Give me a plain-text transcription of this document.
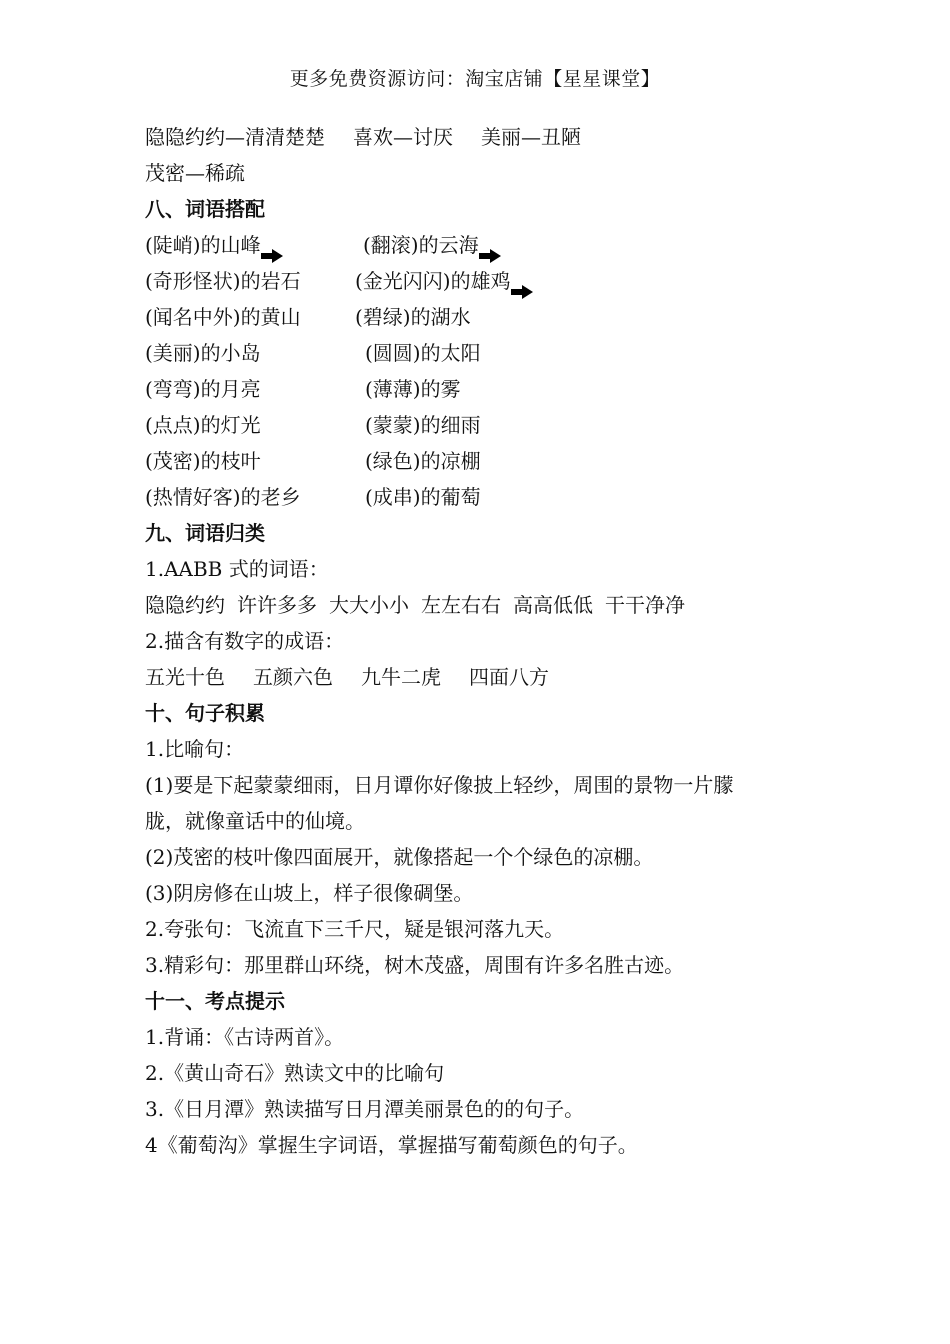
更多免费资源访问：淘宝店铺【星星课堂】
隐隐约约—清清楚楚 喜欢—讨厌 美丽—丑陋
茂密—稀疏
八、词语搭配
(陡峭)的山峰	(翻滚)的云海
(奇形怪状)的岩石	(金光闪闪)的雄鸡
(闻名中外)的黄山	(碧绿)的湖水
(美丽)的小岛	(圆圆)的太阳
(弯弯)的月亮	(薄薄)的雾
(点点)的灯光	(蒙蒙)的细雨
(茂密)的枝叶	(绿色)的凉棚
(热情好客)的老乡	(成串)的葡萄
九、词语归类
1.AABB 式的词语：
隐隐约约 许许多多 大大小小 左左右右 高高低低 干干净净
2.描含有数字的成语：
五光十色 五颜六色 九牛二虎 四面八方
十、句子积累
1.比喻句：
(1)要是下起蒙蒙细雨，日月谭你好像披上轻纱，周围的景物一片朦
胧，就像童话中的仙境。
(2)茂密的枝叶像四面展开，就像搭起一个个绿色的凉棚。
(3)阴房修在山坡上，样子很像碉堡。
2.夸张句：飞流直下三千尺，疑是银河落九天。
3.精彩句：那里群山环绕，树木茂盛，周围有许多名胜古迹。
十一、考点提示
1.背诵：《古诗两首》。
2.《黄山奇石》熟读文中的比喻句
3.《日月潭》熟读描写日月潭美丽景色的的句子。
4《葡萄沟》掌握生字词语，掌握描写葡萄颜色的句子。
